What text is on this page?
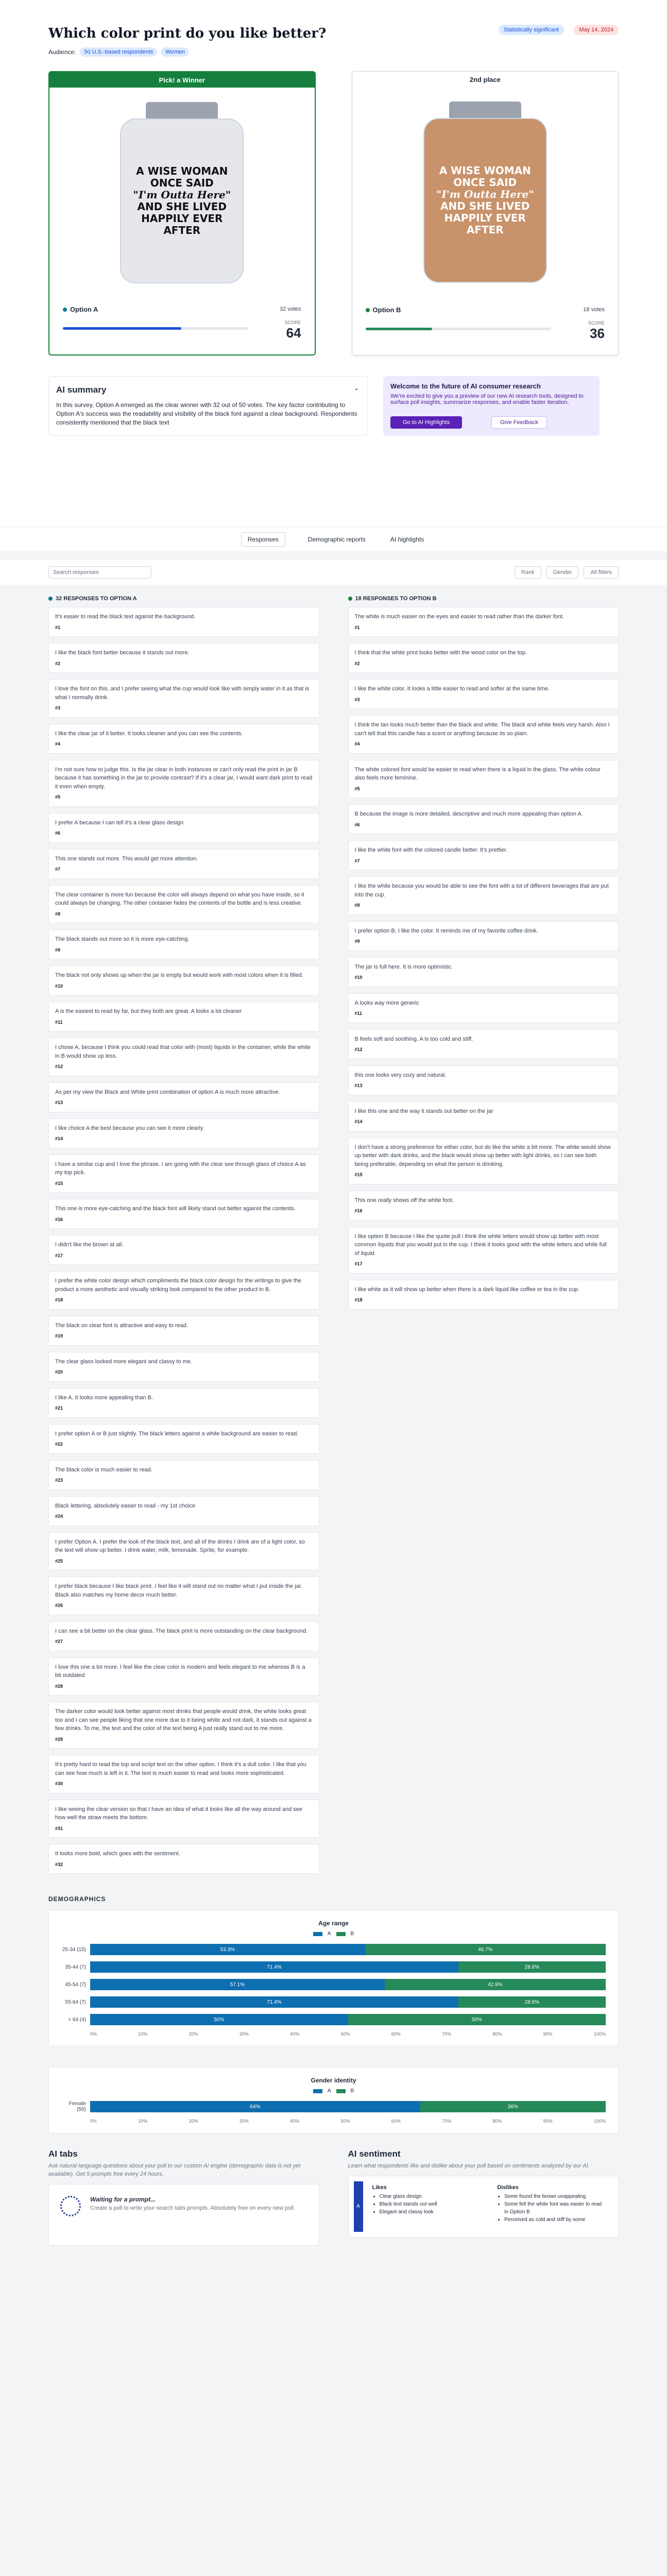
Which color print do you like better?
Audience:	50 U.S.-based respondents	Women
Statistically significant	May 14, 2024
Pick! a Winner
A WISE WOMAN
ONCE SAID
"I'm Outta Here"
AND SHE LIVED
HAPPILY EVER
AFTER
Option A	32 votes
SCORE
64
2nd place
A WISE WOMAN
ONCE SAID
"I'm Outta Here"
AND SHE LIVED
HAPPILY EVER
AFTER
Option B	18 votes
SCORE
36
AI summary	⌄
In this survey, Option A emerged as the clear winner with 32 out of 50 votes. The key factor contributing to Option A's success was the readability and visibility of the black font against a clear background. Respondents consistently mentioned that the black text
Welcome to the future of AI consumer research
We're excited to give you a preview of our new AI research tools, designed to surface poll insights, summarize responses, and enable faster iteration.
Go to AI Highlights	Give Feedback
Responses	Demographic reports	AI highlights
Search responses	Rank	Gender	All filters
32 RESPONSES TO OPTION A
It's easier to read the black text against the background.
#1
I like the black font better because it stands out more.
#2
I love the font on this, and I prefer seeing what the cup would look like with simply water in it as that is what I normally drink.
#3
I like the clear jar of it better. It looks cleaner and you can see the contents.
#4
I'm not sure how to judge this. Is the jar clear in both instances or can't only read the print in jar B because it has something in the jar to provide contrast? If it's a clear jar, I would want dark print to read it even when empty.
#5
I prefer A because I can tell it's a clear glass design.
#6
This one stands out more. This would get more attention.
#7
The clear container is more fun because the color will always depend on what you have inside, so it could always be changing. The other container hides the contents of the bottle and is less creative.
#8
The black stands out more so it is more eye-catching.
#9
The black not only shows up when the jar is empty but would work with most colors when it is filled.
#10
A is the easiest to read by far, but they both are great. A looks a lot cleaner
#11
I chose A, because I think you could read that color with (most) liquids in the container, while the white in B would show up less.
#12
As per my view the Black and White print combination of option A is much more attractive.
#13
I like choice A the best because you can see it more clearly.
#14
I have a similar cup and I love the phrase. I am going with the clear see through glass of choice A as my top pick.
#15
This one is more eye-catching and the black font will likely stand out better against the contents.
#16
I didn't like the brown at all.
#17
I prefer the white color design which compliments the black color design for the writings to give the product a more aesthetic and visually striking look compared to the other product in B.
#18
The black on clear font is attractive and easy to read.
#19
The clear glass looked more elegant and classy to me.
#20
I like A. It looks more appealing than B.
#21
I prefer option A or B just slightly. The black letters against a white background are easier to read.
#22
The black color is much easier to read.
#23
Black lettering, absolutely easier to read - my 1st choice
#24
I prefer Option A. I prefer the look of the black text, and all of the drinks I drink are of a light color, so the text will show up better. I drink water, milk, lemonade, Sprite, for example.
#25
I prefer black because I like black print. I feel like it will stand out no matter what I put inside the jar. Black also matches my home decor much better.
#26
I can see a bit better on the clear glass. The black print is more outstanding on the clear background.
#27
I love this one a lot more. I feel like the clear color is modern and feels elegant to me whereas B is a bit outdated
#28
The darker color would look better against most drinks that people would drink, the white looks great too and I can see people liking that one more due to it being white and not dark, it stands out against a few drinks. To me, the text and the color of the text being A just really stand out to me more.
#29
It's pretty hard to read the top and script text on the other option. I think it's a dull color. I like that you can see how much is left in it. The text is much easier to read and looks more sophisticated.
#30
I like seeing the clear version so that I have an idea of what it looks like all the way around and see how well the straw meets the bottom.
#31
It looks more bold, which goes with the sentiment.
#32
18 RESPONSES TO OPTION B
The white is much easier on the eyes and easier to read rather than the darker font.
#1
I think that the white print looks better with the wood color on the top.
#2
I like the white color. It looks a little easier to read and softer at the same time.
#3
I think the tan looks much better than the black and white. The black and white feels very harsh. Also I can't tell that this candle has a scent or anything because its so plain.
#4
The white colored font would be easier to read when there is a liquid in the glass. The white colour also feels more feminine.
#5
B because the image is more detailed, descriptive and much more appealing than option A.
#6
I like the white font with the colored candle better. It's prettier.
#7
I like the white because you would be able to see the font with a lot of different beverages that are put into the cup.
#8
I prefer option B. I like the color. It reminds me of my favorite coffee drink.
#9
The jar is full here. It is more optimistic.
#10
A looks way more generic
#11
B feels soft and soothing. A is too cold and stiff.
#12
this one looks very cozy and natural.
#13
I like this one and the way it stands out better on the jar
#14
I don't have a strong preference for either color, but do like the white a bit more. The white would show up better with dark drinks, and the black would show up better with light drinks, so I can see both being preferable, depending on what the person is drinking.
#15
This one really shows off the white font.
#16
I like option B because I like the quote pull i think the white letters would show up better with most common liquids that you would put in the cup. I think it looks good with the white letters and while full of liquid.
#17
I like white as it will show up better when there is a dark liquid like coffee or tea in the cup.
#18
DEMOGRAPHICS
Age range
A	B
25-34 (15)	53.3%	46.7%
35-44 (7)	71.4%	28.6%
45-54 (7)	57.1%	42.9%
55-64 (7)	71.4%	28.6%
> 64 (4)	50%	50%
0%	10%	20%	30%	40%	50%	60%	70%	80%	90%	100%
Gender identity
A	B
Female (50)	64%	36%
0%	10%	20%	30%	40%	50%	60%	70%	80%	90%	100%
AI tabs

Ask natural language questions about your poll to our custom AI engine (demographic data is not yet available). Get 5 prompts free every 24 hours.

Waiting for a prompt...
Create a poll to write your search tabs prompts. Absolutely free on every new poll.
AI sentiment

Learn what respondents like and dislike about your poll based on sentiments analyzed by our AI.

A
Likes
• Clear glass design
• Black text stands out well
• Elegant and classy look
Dislikes
• Some found the brown unappealing
• Some felt the white font was easier to read in Option B
• Perceived as cold and stiff by some
